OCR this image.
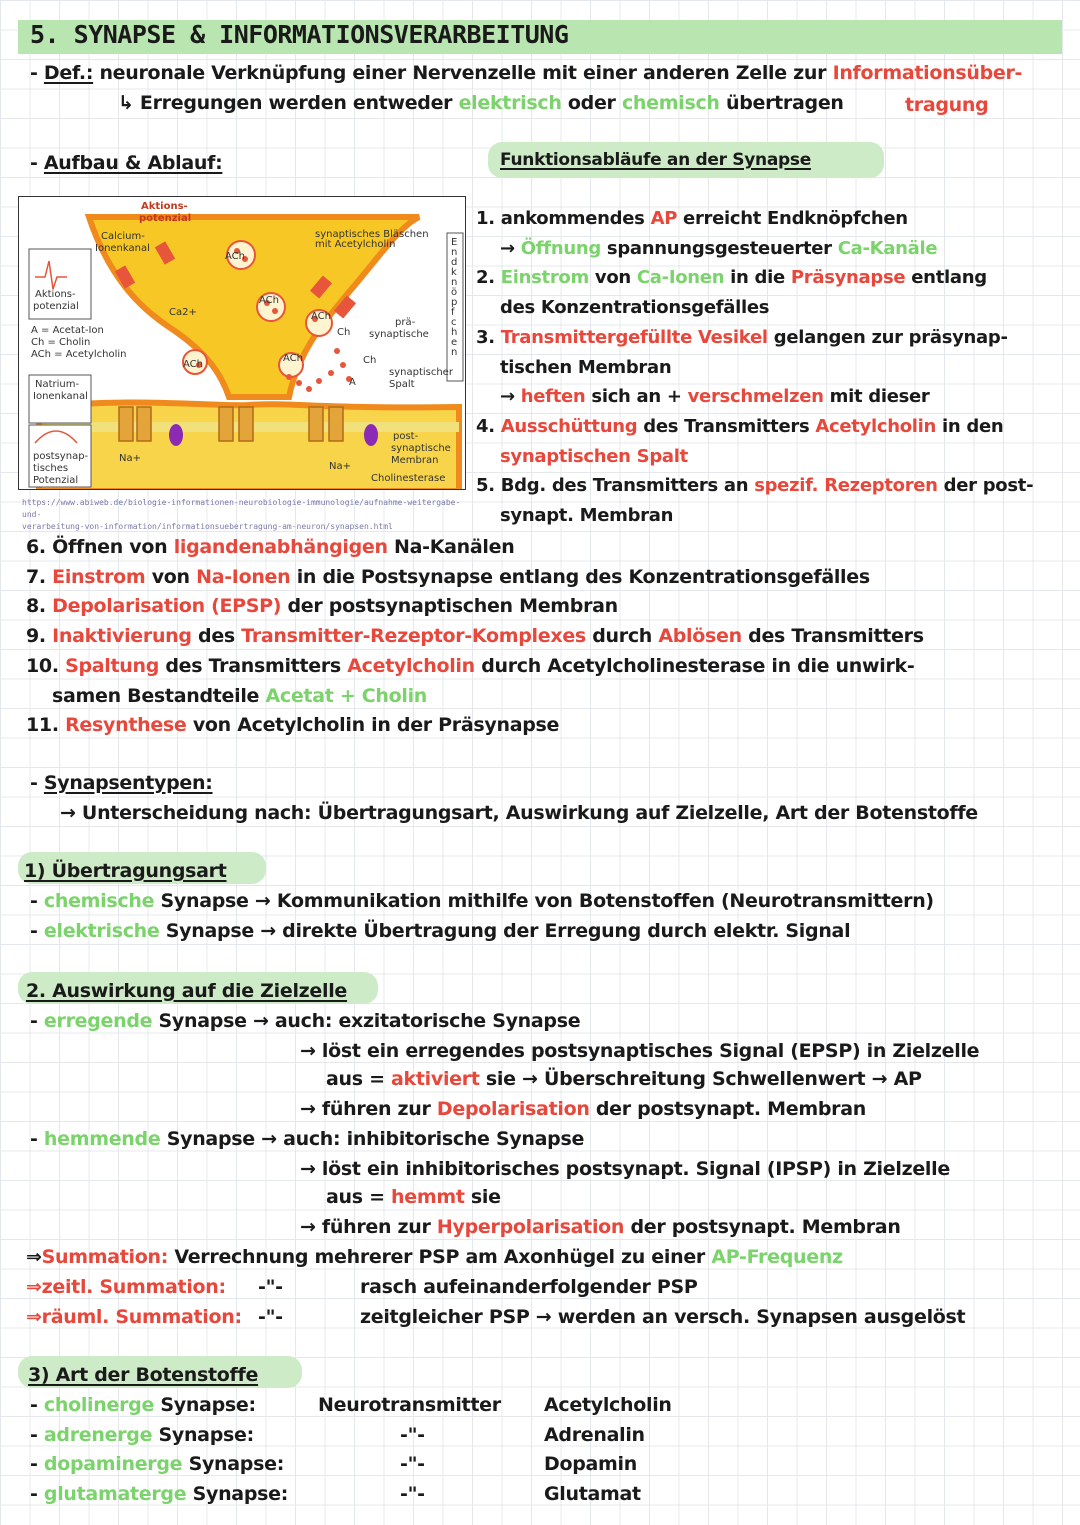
5. SYNAPSE & INFORMATIONSVERARBEITUNG
- Def.: neuronale Verknüpfung einer Nervenzelle mit einer anderen Zelle zur Informationsüber-
↳ Erregungen werden entweder elektrisch oder chemisch übertragen	tragung
- Aufbau & Ablauf:	Funktionsabläufe an der Synapse
Aktions-
potenzial
Calcium-
Ionenkanal
Aktions-
potenzial
A = Acetat-Ion
Ch = Cholin
ACh = Acetylcholin
Natrium-
Ionenkanal
postsynap-
tisches
Potenzial
synaptisches Bläschen
mit Acetylcholin
prä-
synaptische
synaptischer
Spalt
post-
synaptische
Membran
Cholinesterase
Ca2+
Na+
Na+
ACh
ACh
ACh
ACh
ACh
A
Ch
Ch
E
n
d
k
n
ö
p
f
c
h
e
n
https://www.abiweb.de/biologie-informationen-neurobiologie-immunologie/aufnahme-weitergabe-und-
verarbeitung-von-information/informationsuebertragung-am-neuron/synapsen.html
1. ankommendes AP erreicht Endknöpfchen
→ Öffnung spannungsgesteuerter Ca-Kanäle
2. Einstrom von Ca-Ionen in die Präsynapse entlang
des Konzentrationsgefälles
3. Transmittergefüllte Vesikel gelangen zur präsynap-
tischen Membran
→ heften sich an + verschmelzen mit dieser
4. Ausschüttung des Transmitters Acetylcholin in den
synaptischen Spalt
5. Bdg. des Transmitters an spezif. Rezeptoren der post-
synapt. Membran
6. Öffnen von ligandenabhängigen Na-Kanälen
7. Einstrom von Na-Ionen in die Postsynapse entlang des Konzentrationsgefälles
8. Depolarisation (EPSP) der postsynaptischen Membran
9. Inaktivierung des Transmitter-Rezeptor-Komplexes durch Ablösen des Transmitters
10. Spaltung des Transmitters Acetylcholin durch Acetylcholinesterase in die unwirk-
samen Bestandteile Acetat + Cholin
11. Resynthese von Acetylcholin in der Präsynapse
- Synapsentypen:
→ Unterscheidung nach: Übertragungsart, Auswirkung auf Zielzelle, Art der Botenstoffe
1) Übertragungsart
- chemische Synapse → Kommunikation mithilfe von Botenstoffen (Neurotransmittern)
- elektrische Synapse → direkte Übertragung der Erregung durch elektr. Signal
2. Auswirkung auf die Zielzelle
- erregende Synapse → auch: exzitatorische Synapse
→ löst ein erregendes postsynaptisches Signal (EPSP) in Zielzelle
aus = aktiviert sie → Überschreitung Schwellenwert → AP
→ führen zur Depolarisation der postsynapt. Membran
- hemmende Synapse → auch: inhibitorische Synapse
→ löst ein inhibitorisches postsynapt. Signal (IPSP) in Zielzelle
aus = hemmt sie
→ führen zur Hyperpolarisation der postsynapt. Membran
⇒Summation: Verrechnung mehrerer PSP am Axonhügel zu einer AP-Frequenz
⇒zeitl. Summation: -"-	rasch aufeinanderfolgender PSP
⇒räuml. Summation: -"-	zeitgleicher PSP → werden an versch. Synapsen ausgelöst
3) Art der Botenstoffe
- cholinerge Synapse:	Neurotransmitter Acetylcholin
- adrenerge Synapse:	-"-	Adrenalin
- dopaminerge Synapse:	-"-	Dopamin
- glutamaterge Synapse:	-"-	Glutamat
